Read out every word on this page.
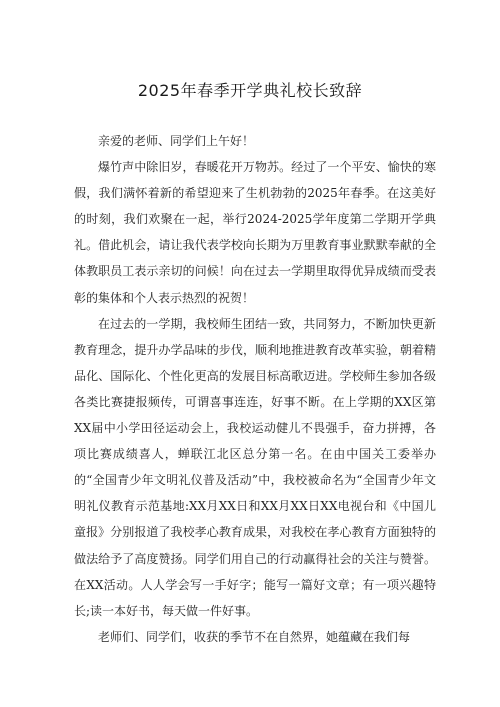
2025年春季开学典礼校长致辞

亲爱的老师、同学们上午好！

爆竹声中除旧岁，春暖花开万物苏。经过了一个平安、愉快的寒假，我们满怀着新的希望迎来了生机勃勃的2025年春季。在这美好的时刻，我们欢聚在一起，举行2024-2025学年度第二学期开学典礼。借此机会，请让我代表学校向长期为万里教育事业默默奉献的全体教职员工表示亲切的问候！向在过去一学期里取得优异成绩而受表彰的集体和个人表示热烈的祝贺！

在过去的一学期，我校师生团结一致，共同努力，不断加快更新教育理念，提升办学品味的步伐，顺利地推进教育改革实验，朝着精品化、国际化、个性化更高的发展目标高歌迈进。学校师生参加各级各类比赛捷报频传，可谓喜事连连，好事不断。在上学期的XX区第XX届中小学田径运动会上，我校运动健儿不畏强手，奋力拼搏，各项比赛成绩喜人，蝉联江北区总分第一名。在由中国关工委举办的“全国青少年文明礼仪普及活动”中，我校被命名为“全国青少年文明礼仪教育示范基地:XX月XX日和XX月XX日XX电视台和《中国儿童报》分别报道了我校孝心教育成果，对我校在孝心教育方面独特的做法给予了高度赞扬。同学们用自己的行动赢得社会的关注与赞誉。在XX活动。人人学会写一手好字；能写一篇好文章；有一项兴趣特长;读一本好书，每天做一件好事。

老师们、同学们，收获的季节不在自然界，她蕴藏在我们每
